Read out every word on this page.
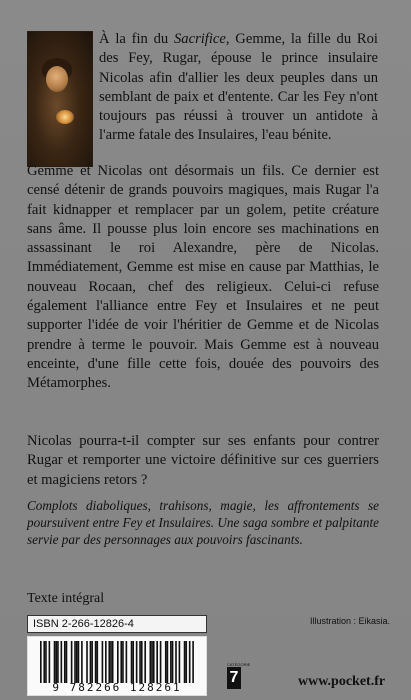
À la fin du Sacrifice, Gemme, la fille du Roi des Fey, Rugar, épouse le prince insulaire Nicolas afin d'allier les deux peuples dans un semblant de paix et d'entente. Car les Fey n'ont toujours pas réussi à trouver un antidote à l'arme fatale des Insulaires, l'eau bénite.

Gemme et Nicolas ont désormais un fils. Ce dernier est censé détenir de grands pouvoirs magiques, mais Rugar l'a fait kidnapper et remplacer par un golem, petite créature sans âme. Il pousse plus loin encore ses machinations en assassinant le roi Alexandre, père de Nicolas. Immédiatement, Gemme est mise en cause par Matthias, le nouveau Rocaan, chef des religieux. Celui-ci refuse également l'alliance entre Fey et Insulaires et ne peut supporter l'idée de voir l'héritier de Gemme et de Nicolas prendre à terme le pouvoir. Mais Gemme est à nouveau enceinte, d'une fille cette fois, douée des pouvoirs des Métamorphes.

Nicolas pourra-t-il compter sur ses enfants pour contrer Rugar et remporter une victoire définitive sur ces guerriers et magiciens retors ?

Complots diaboliques, trahisons, magie, les affrontements se poursuivent entre Fey et Insulaires. Une saga sombre et palpitante servie par des personnages aux pouvoirs fascinants.
Texte intégral
ISBN 2-266-12826-4	Illustration : Eikasia.
9 782266 128261
CATÉGORIE
7	www.pocket.fr
